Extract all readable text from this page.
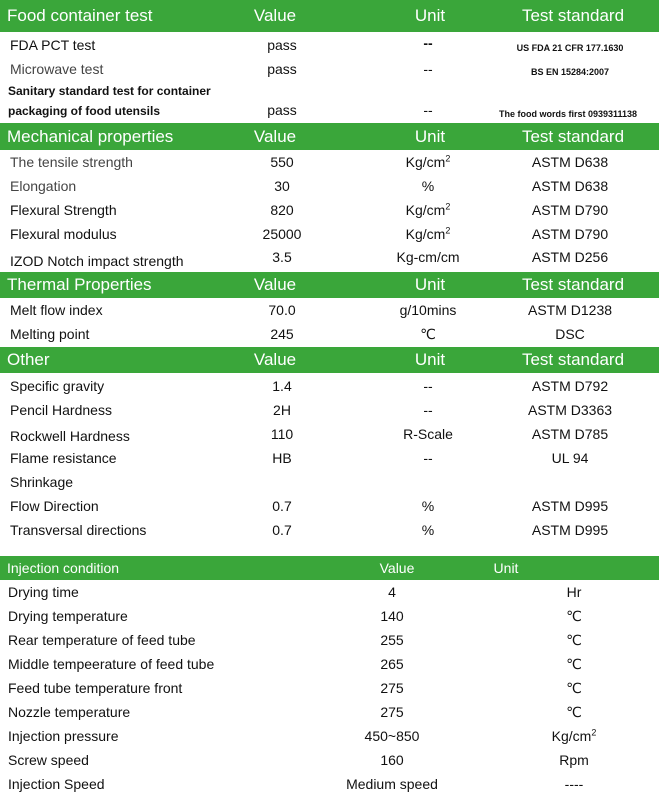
Food container test	Value	Unit	Test standard
FDA PCT test	pass	--	US FDA 21 CFR 177.1630
Microwave test	pass	--	BS EN 15284:2007
Sanitary standard test for container
packaging of food utensils	pass	--	The food words first 0939311138
Mechanical properties	Value	Unit	Test standard
The tensile strength	550	$Kg/cm^2$	ASTM D638
Elongation	30	%	ASTM D638
Flexural Strength	820	$Kg/cm^2$	ASTM D790
Flexural modulus	25000	$Kg/cm^2$	ASTM D790
IZOD Notch impact strength	3.5	Kg-cm/cm	ASTM D256
Thermal Properties	Value	Unit	Test standard
Melt flow index	70.0	g/10mins	ASTM D1238
Melting point	245	℃	DSC
Other	Value	Unit	Test standard
Specific gravity	1.4	--	ASTM D792
Pencil Hardness	2H	--	ASTM D3363
Rockwell Hardness	110	R-Scale	ASTM D785
Flame resistance	HB	--	UL 94
Shrinkage
Flow Direction	0.7	%	ASTM D995
Transversal directions	0.7	%	ASTM D995
Injection condition	Value	Unit
Drying time	4	Hr
Drying temperature	140	℃
Rear temperature of feed tube	255	℃
Middle tempeerature of feed tube	265	℃
Feed tube temperature front	275	℃
Nozzle temperature	275	℃
Injection pressure	450~850	$Kg/cm^2$
Screw speed	160	Rpm
Injection Speed	Medium speed	----
